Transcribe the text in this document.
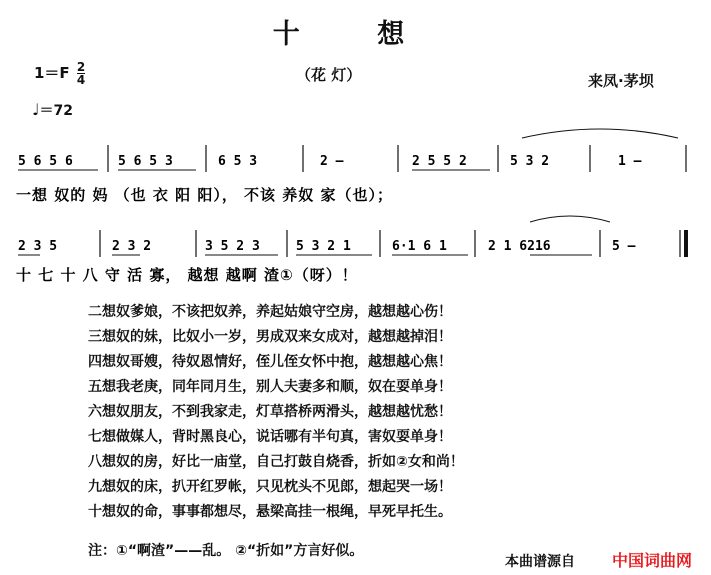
十 想
$1=F \frac{2}{4}$
♩＝72
（花 灯）	来凤·茅坝
5 6 5 6	5 6 5 3	6 5 3	2 —	2 5 5 2	5 3 2	1 —
一想 奴的 妈 （也 衣 阳 阳）， 不该 养奴 家（也）；
2 3 5	2 3 2	3 5 2 3	5 3 2 1	6·1 6 1	2 1 6216	5 —
十 七 十 八 守 活 寡， 越想 越啊 渣①（呀）！
二想奴爹娘，不该把奴养，养起姑娘守空房，越想越心伤！
三想奴的妹，比奴小一岁，男成双来女成对，越想越掉泪！
四想奴哥嫂，待奴恩情好，侄儿侄女怀中抱，越想越心焦！
五想我老庚，同年同月生，别人夫妻多和顺，奴在耍单身！
六想奴朋友，不到我家走，灯草搭桥两滑头，越想越忧愁！
七想做媒人，背时黑良心，说话哪有半句真，害奴耍单身！
八想奴的房，好比一庙堂，自己打鼓自烧香，折如②女和尚！
九想奴的床，扒开红罗帐，只见枕头不见郎，想起哭一场！
十想奴的命，事事都想尽，悬梁高挂一根绳，早死早托生。
注：①“啊渣”——乱。 ②“折如”方言好似。
本曲谱源自 中国词曲网
